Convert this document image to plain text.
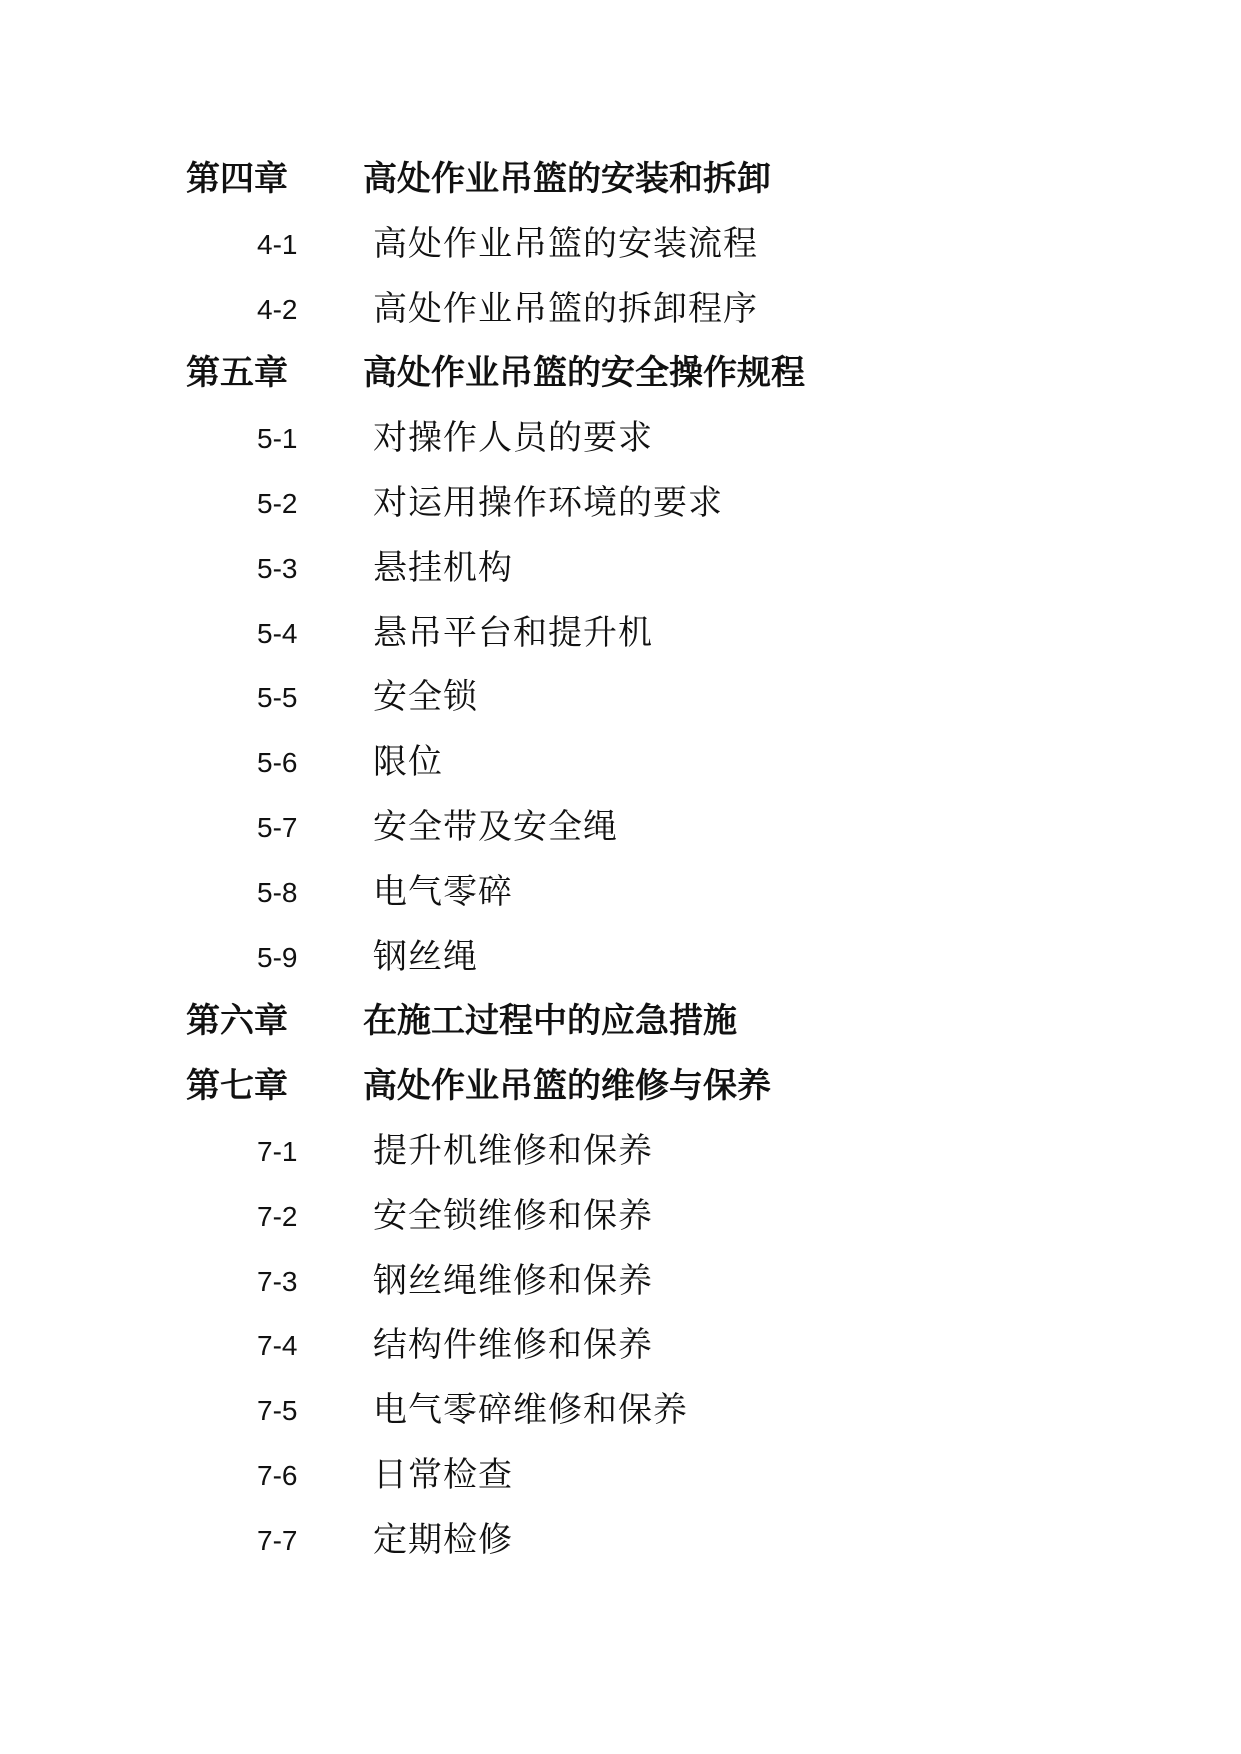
第四章 高处作业吊篮的安装和拆卸
4-1 高处作业吊篮的安装流程
4-2 高处作业吊篮的拆卸程序
第五章 高处作业吊篮的安全操作规程
5-1 对操作人员的要求
5-2 对运用操作环境的要求
5-3 悬挂机构
5-4 悬吊平台和提升机
5-5 安全锁
5-6 限位
5-7 安全带及安全绳
5-8 电气零碎
5-9 钢丝绳
第六章 在施工过程中的应急措施
第七章 高处作业吊篮的维修与保养
7-1 提升机维修和保养
7-2 安全锁维修和保养
7-3 钢丝绳维修和保养
7-4 结构件维修和保养
7-5 电气零碎维修和保养
7-6 日常检查
7-7 定期检修
